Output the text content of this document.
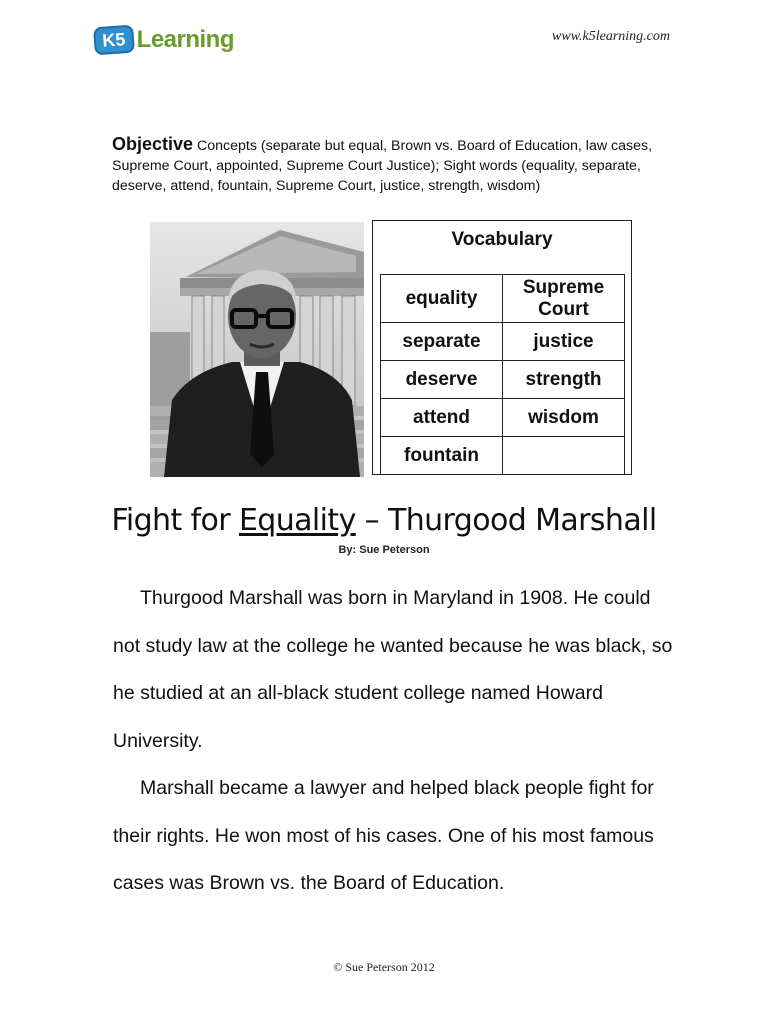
K5 Learning	www.k5learning.com
Objective Concepts (separate but equal, Brown vs. Board of Education, law cases, Supreme Court, appointed, Supreme Court Justice); Sight words (equality, separate, deserve, attend, fountain, Supreme Court, justice, strength, wisdom)
Vocabulary
equality	Supreme Court
separate	justice
deserve	strength
attend	wisdom
fountain	
Fight for Equality – Thurgood Marshall
By: Sue Peterson

Thurgood Marshall was born in Maryland in 1908. He could not study law at the college he wanted because he was black, so he studied at an all-black student college named Howard University.

Marshall became a lawyer and helped black people fight for their rights. He won most of his cases. One of his most famous cases was Brown vs. the Board of Education.

© Sue Peterson 2012
